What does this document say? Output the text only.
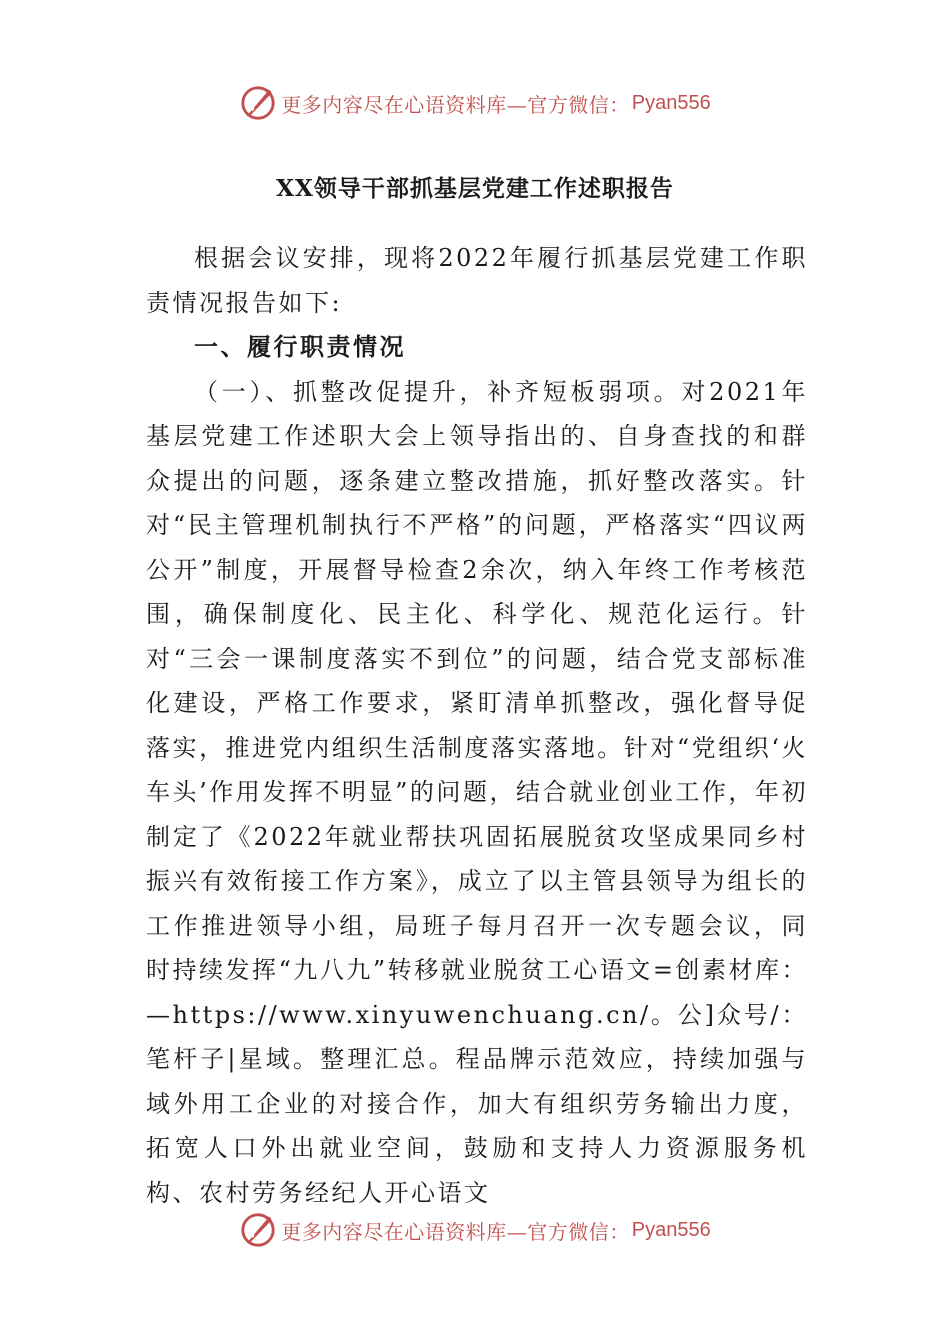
更多内容尽在心语资料库—官方微信： Pyan556
XX领导干部抓基层党建工作述职报告

根据会议安排，现将2022年履行抓基层党建工作职责情况报告如下:

一、履行职责情况

（一）、抓整改促提升，补齐短板弱项。对2021年基层党建工作述职大会上领导指出的、自身查找的和群众提出的问题，逐条建立整改措施，抓好整改落实。针对“民主管理机制执行不严格”的问题，严格落实“四议两公开”制度，开展督导检查2余次，纳入年终工作考核范围，确保制度化、民主化、科学化、规范化运行。针对“三会一课制度落实不到位”的问题，结合党支部标准化建设，严格工作要求，紧盯清单抓整改，强化督导促落实，推进党内组织生活制度落实落地。针对“党组织‘火车头’作用发挥不明显”的问题，结合就业创业工作，年初制定了《2022年就业帮扶巩固拓展脱贫攻坚成果同乡村振兴有效衔接工作方案》，成立了以主管县领导为组长的工作推进领导小组，局班子每月召开一次专题会议，同时持续发挥“九八九”转移就业脱贫工心语文=创素材库：—https://www.xinyuwenchuang.cn/。公]众号/：笔杆子|星域。整理汇总。程品牌示范效应，持续加强与域外用工企业的对接合作，加大有组织劳务输出力度，拓宽人口外出就业空间，鼓励和支持人力资源服务机构、农村劳务经纪人开心语文

更多内容尽在心语资料库—官方微信： Pyan556
